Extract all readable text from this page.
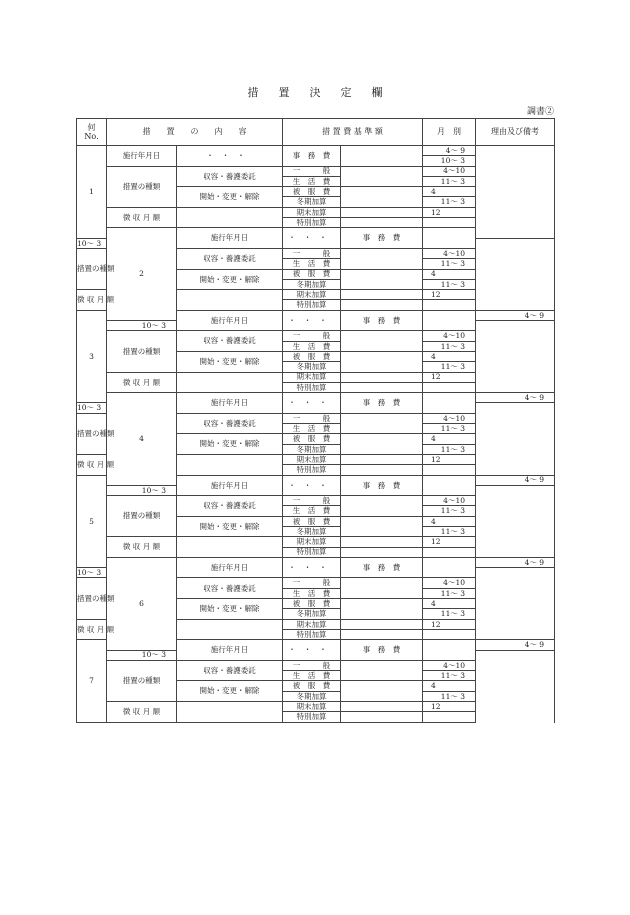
措 置 決 定 欄
調書②
何
No.	措　　置　　の　　内　　容		措 置 費 基 準 額		月　別	理由及び備考	
1	施行年月日	・・・	事　務　費		4〜 9		
					10〜 3		
	措置の種類	収容・養護委託	一　　　般		4〜10		
			生　活　費		11〜 3		
		開始・変更・解除	被　服　費		4		
			冬期加算		11〜 3		
	徴 収 月 額		期末加算		12		
			特別加算				
	2	施行年月日	・・・	事　務　費			
10〜 3							
措置の種類		収容・養護委託	一　　　般		4〜10		
			生　活　費		11〜 3		
		開始・変更・解除	被　服　費		4		
			冬期加算		11〜 3		
徴 収 月 額			期末加算		12		
			特別加算				
3		施行年月日	・・・	事　務　費		4〜 9	
	10〜 3						
	措置の種類	収容・養護委託	一　　　般		4〜10		
			生　活　費		11〜 3		
		開始・変更・解除	被　服　費		4		
			冬期加算		11〜 3		
	徴 収 月 額		期末加算		12		
			特別加算				
	4	施行年月日	・・・	事　務　費		4〜 9	
10〜 3							
措置の種類		収容・養護委託	一　　　般		4〜10		
			生　活　費		11〜 3		
		開始・変更・解除	被　服　費		4		
			冬期加算		11〜 3		
徴 収 月 額			期末加算		12		
			特別加算				
5		施行年月日	・・・	事　務　費		4〜 9	
	10〜 3						
	措置の種類	収容・養護委託	一　　　般		4〜10		
			生　活　費		11〜 3		
		開始・変更・解除	被　服　費		4		
			冬期加算		11〜 3		
	徴 収 月 額		期末加算		12		
			特別加算				
	6	施行年月日	・・・	事　務　費		4〜 9	
10〜 3							
措置の種類		収容・養護委託	一　　　般		4〜10		
			生　活　費		11〜 3		
		開始・変更・解除	被　服　費		4		
			冬期加算		11〜 3		
徴 収 月 額			期末加算		12		
			特別加算				
7		施行年月日	・・・	事　務　費		4〜 9	
	10〜 3						
	措置の種類	収容・養護委託	一　　　般		4〜10		
			生　活　費		11〜 3		
		開始・変更・解除	被　服　費		4		
			冬期加算		11〜 3		
	徴 収 月 額		期末加算		12		
			特別加算				
